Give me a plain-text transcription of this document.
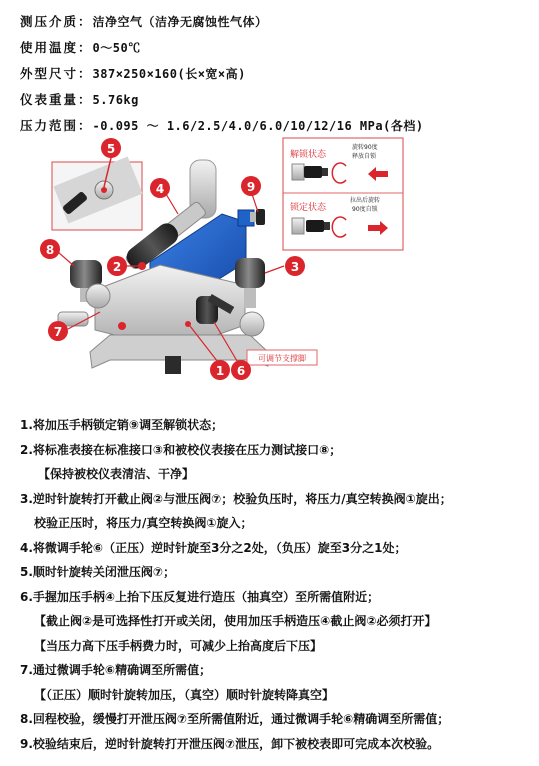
测压介质：洁净空气（洁净无腐蚀性气体）
使用温度：0～50℃
外型尺寸：387×250×160(长×宽×高)
仪表重量：5.76kg
压力范围：-0.095 ～ 1.6/2.5/4.0/6.0/10/12/16 MPa(各档)
解锁状态
旋转90度
释放自锁
锁定状态
拉出后旋转
90度自锁
可调节支撑脚
4
5
9
8
2	3
7
1 6
1.将加压手柄锁定销⑨调至解锁状态；
2.将标准表接在标准接口③和被校仪表接在压力测试接口⑧；
【保持被校仪表清洁、干净】
3.逆时针旋转打开截止阀②与泄压阀⑦；校验负压时，将压力/真空转换阀①旋出；
校验正压时，将压力/真空转换阀①旋入；
4.将微调手轮⑥（正压）逆时针旋至3分之2处，（负压）旋至3分之1处；
5.顺时针旋转关闭泄压阀⑦；
6.手握加压手柄④上抬下压反复进行造压（抽真空）至所需值附近；
【截止阀②是可选择性打开或关闭，使用加压手柄造压④截止阀②必须打开】
【当压力高下压手柄费力时，可减少上抬高度后下压】
7.通过微调手轮⑥精确调至所需值；
【（正压）顺时针旋转加压，（真空）顺时针旋转降真空】
8.回程校验，缓慢打开泄压阀⑦至所需值附近，通过微调手轮⑥精确调至所需值；
9.校验结束后，逆时针旋转打开泄压阀⑦泄压，卸下被校表即可完成本次校验。
